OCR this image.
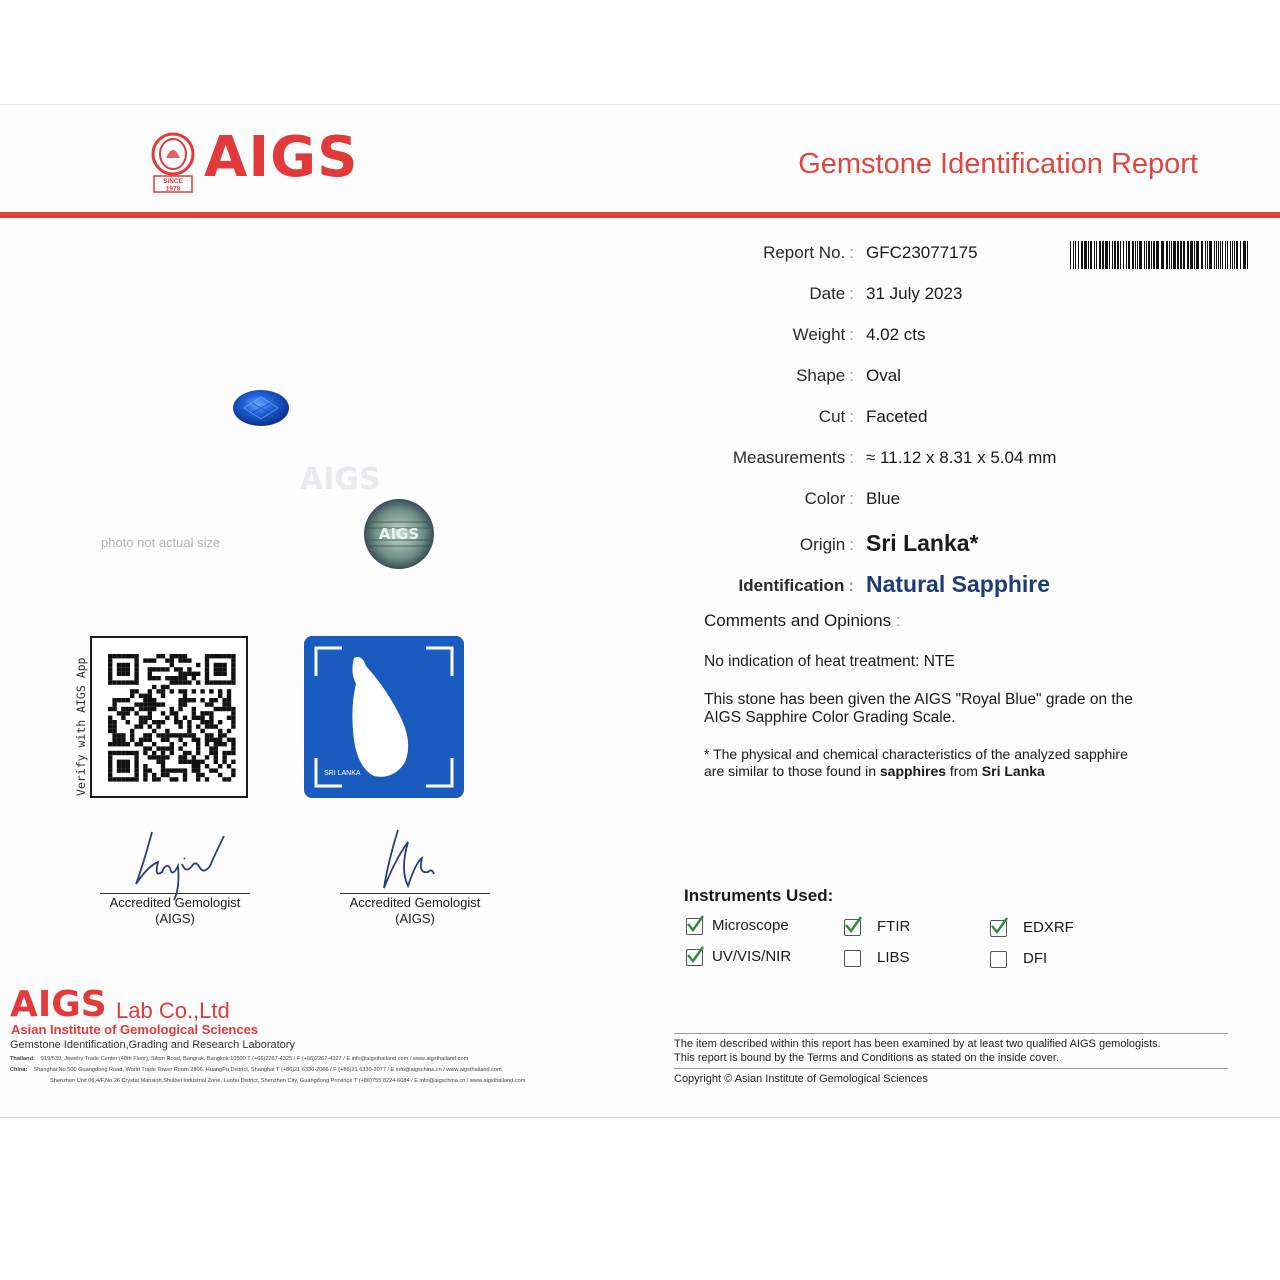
SINCE
1978 AIGS	Gemstone Identification Report
Report No. : GFC23077175
Date : 31 July 2023
Weight : 4.02 cts
Shape : Oval
Cut : Faceted
Measurements : ≈ 11.12 x 8.31 x 5.04 mm
Color : Blue
Origin : Sri Lanka*
Identification : Natural Sapphire
Comments and Opinions :
No indication of heat treatment: NTE
This stone has been given the AIGS "Royal Blue" grade on the
AIGS Sapphire Color Grading Scale.
* The physical and chemical characteristics of the analyzed sapphire
are similar to those found in sapphires from Sri Lanka
AIGS
AIGS
photo not actual size
Verify with AIGS App	SRI LANKA
Accredited Gemologist
(AIGS)
Accredited Gemologist
(AIGS)
Instruments Used:
Microscope	FTIR	EDXRF
UV/VIS/NIR	LIBS	DFI
AIGS Lab Co.,Ltd
Asian Institute of Gemological Sciences
Gemstone Identification,Grading and Research Laboratory
Thailand: 919/539, Jewelry Trade Center (48th Floor), Silom Road, Bangrak, Bangkok 10500 T (+66)2267-4325 / F (+66)2267-4327 / E info@aigsthailand.com / www.aigsthailand.com
China: Shanghai No.500 Guangdong Road, World Trade Tower Room 2806, HuangPu District, Shanghai T (+86)21 6330-2066 / F (+86)21 6330-2077 / E info@aigschina.cn / www.aigsthailand.com
Shenzhen Unit 06,4/F,No.26 Crystal Mansion,Shuibei Industrial Zone, Luohu District, Shenzhen City, Guangdong Province T (+86)755 8224-6084 / E info@aigschina.cn / www.aigsthailand.com
The item described within this report has been examined by at least two qualified AIGS gemologists.
This report is bound by the Terms and Conditions as stated on the inside cover.
Copyright © Asian Institute of Gemological Sciences
